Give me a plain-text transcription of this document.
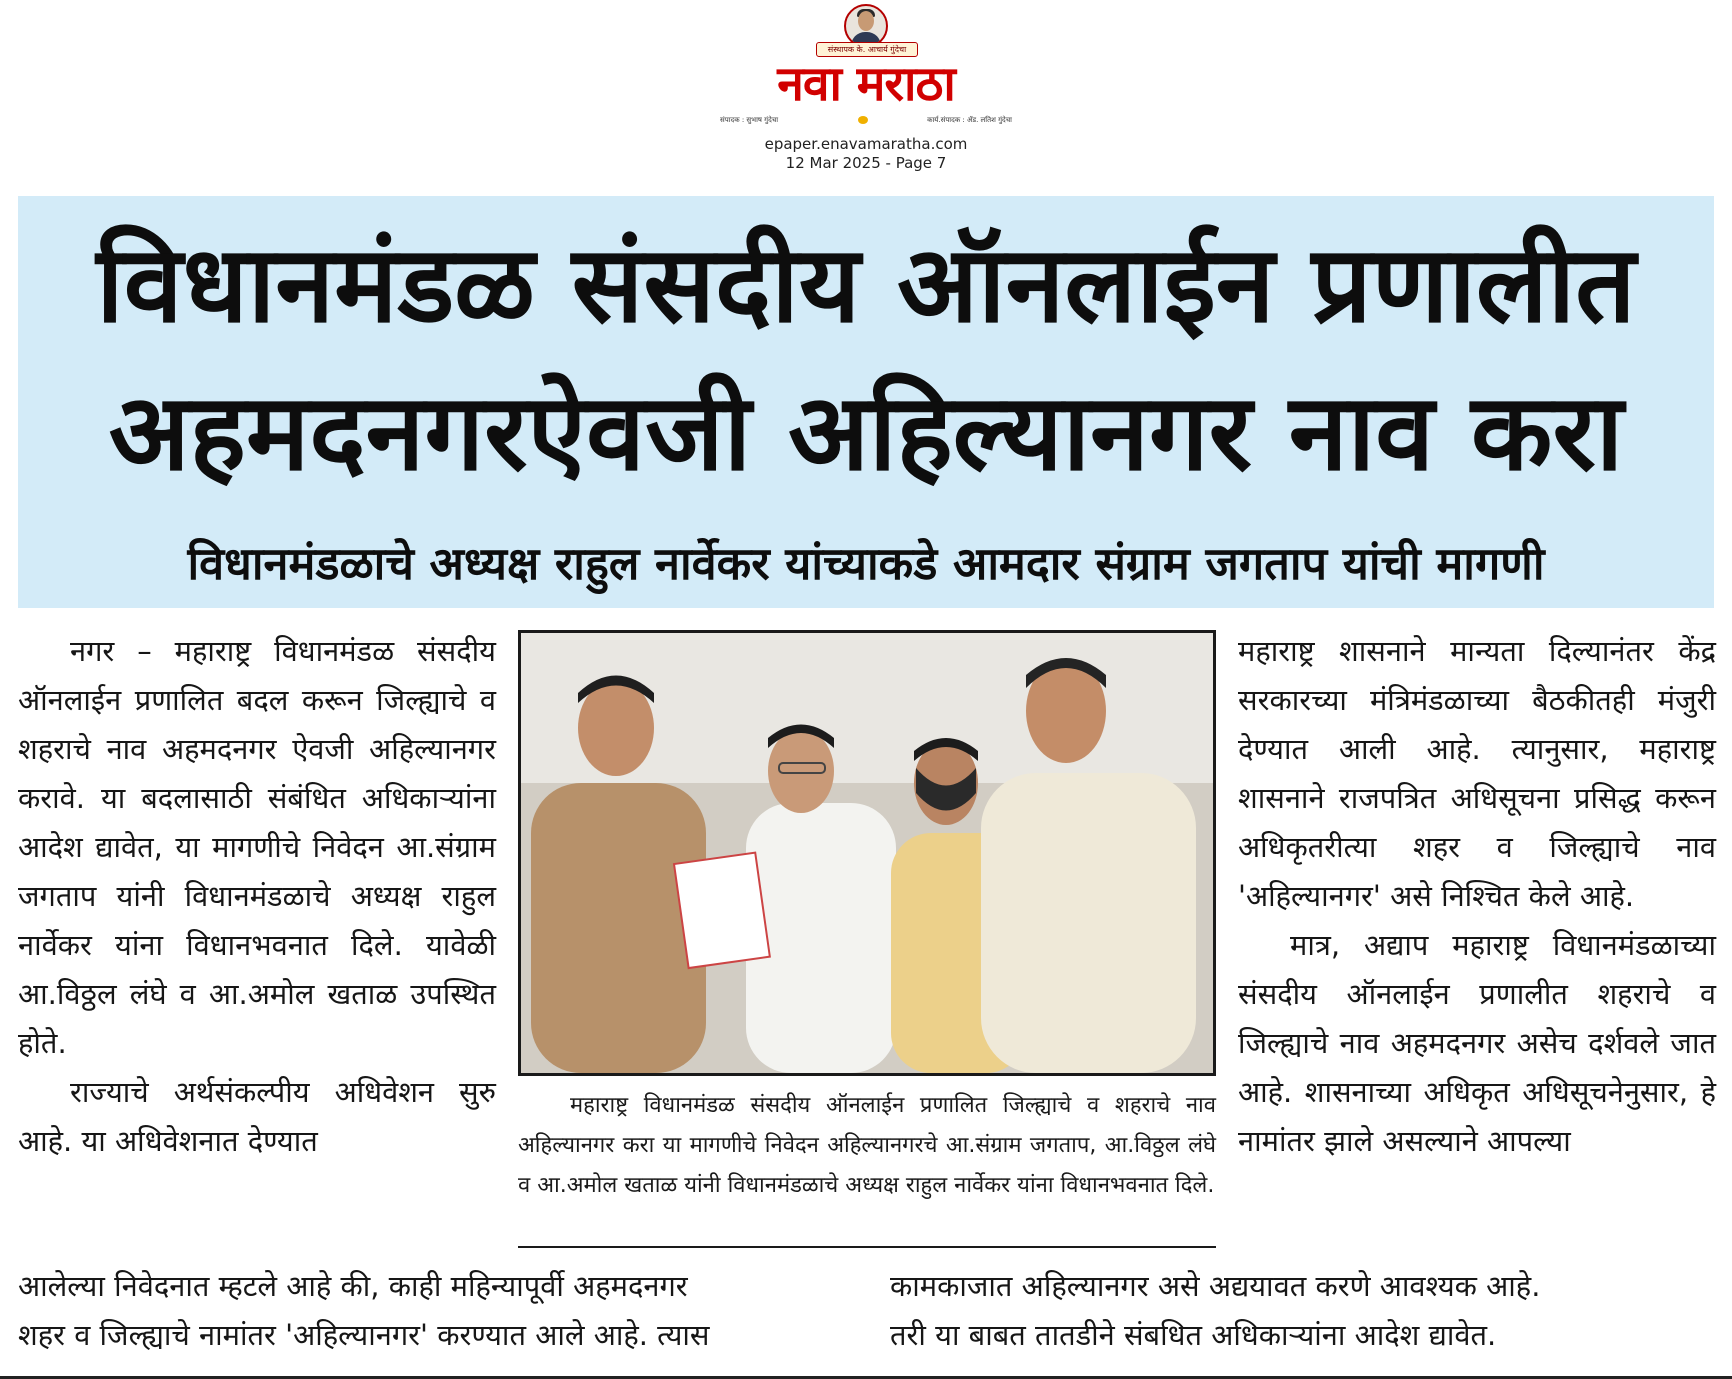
संस्थापक के. आचार्य गुंदेचा
नवा मराठा
संपादक : सुभाष गुंदेचा	कार्य.संपादक : ॲड. लतिश गुंदेचा
epaper.enavamaratha.com
12 Mar 2025 - Page 7
विधानमंडळ संसदीय ऑनलाईन प्रणालीत
अहमदनगरऐवजी अहिल्यानगर नाव करा
विधानमंडळाचे अध्यक्ष राहुल नार्वेकर यांच्याकडे आमदार संग्राम जगताप यांची मागणी

नगर – महाराष्ट्र विधानमंडळ संसदीय ऑनलाईन प्रणालित बदल करून जिल्ह्याचे व शहराचे नाव अहमदनगर ऐवजी अहिल्यानगर करावे. या बदलासाठी संबंधित अधिकाऱ्यांना आदेश द्यावेत, या मागणीचे निवेदन आ.संग्राम जगताप यांनी विधानमंडळाचे अध्यक्ष राहुल नार्वेकर यांना विधानभवनात दिले. यावेळी आ.विठ्ठल लंघे व आ.अमोल खताळ उपस्थित होते.

राज्याचे अर्थसंकल्पीय अधिवेशन सुरु आहे. या अधिवेशनात देण्यात

महाराष्ट्र विधानमंडळ संसदीय ऑनलाईन प्रणालित जिल्ह्याचे व शहराचे नाव अहिल्यानगर करा या मागणीचे निवेदन अहिल्यानगरचे आ.संग्राम जगताप, आ.विठ्ठल लंघे व आ.अमोल खताळ यांनी विधानमंडळाचे अध्यक्ष राहुल नार्वेकर यांना विधानभवनात दिले.

महाराष्ट्र शासनाने मान्यता दिल्यानंतर केंद्र सरकारच्या मंत्रिमंडळाच्या बैठकीतही मंजुरी देण्यात आली आहे. त्यानुसार, महाराष्ट्र शासनाने राजपत्रित अधिसूचना प्रसिद्ध करून अधिकृतरीत्या शहर व जिल्ह्याचे नाव 'अहिल्यानगर' असे निश्चित केले आहे.

मात्र, अद्याप महाराष्ट्र विधानमंडळाच्या संसदीय ऑनलाईन प्रणालीत शहराचे व जिल्ह्याचे नाव अहमदनगर असेच दर्शवले जात आहे. शासनाच्या अधिकृत अधिसूचनेनुसार, हे नामांतर झाले असल्याने आपल्या

आलेल्या निवेदनात म्हटले आहे की, काही महिन्यापूर्वी अहमदनगर
शहर व जिल्ह्याचे नामांतर 'अहिल्यानगर' करण्यात आले आहे. त्यास
कामकाजात अहिल्यानगर असे अद्ययावत करणे आवश्यक आहे.
तरी या बाबत तातडीने संबधित अधिकाऱ्यांना आदेश द्यावेत.
